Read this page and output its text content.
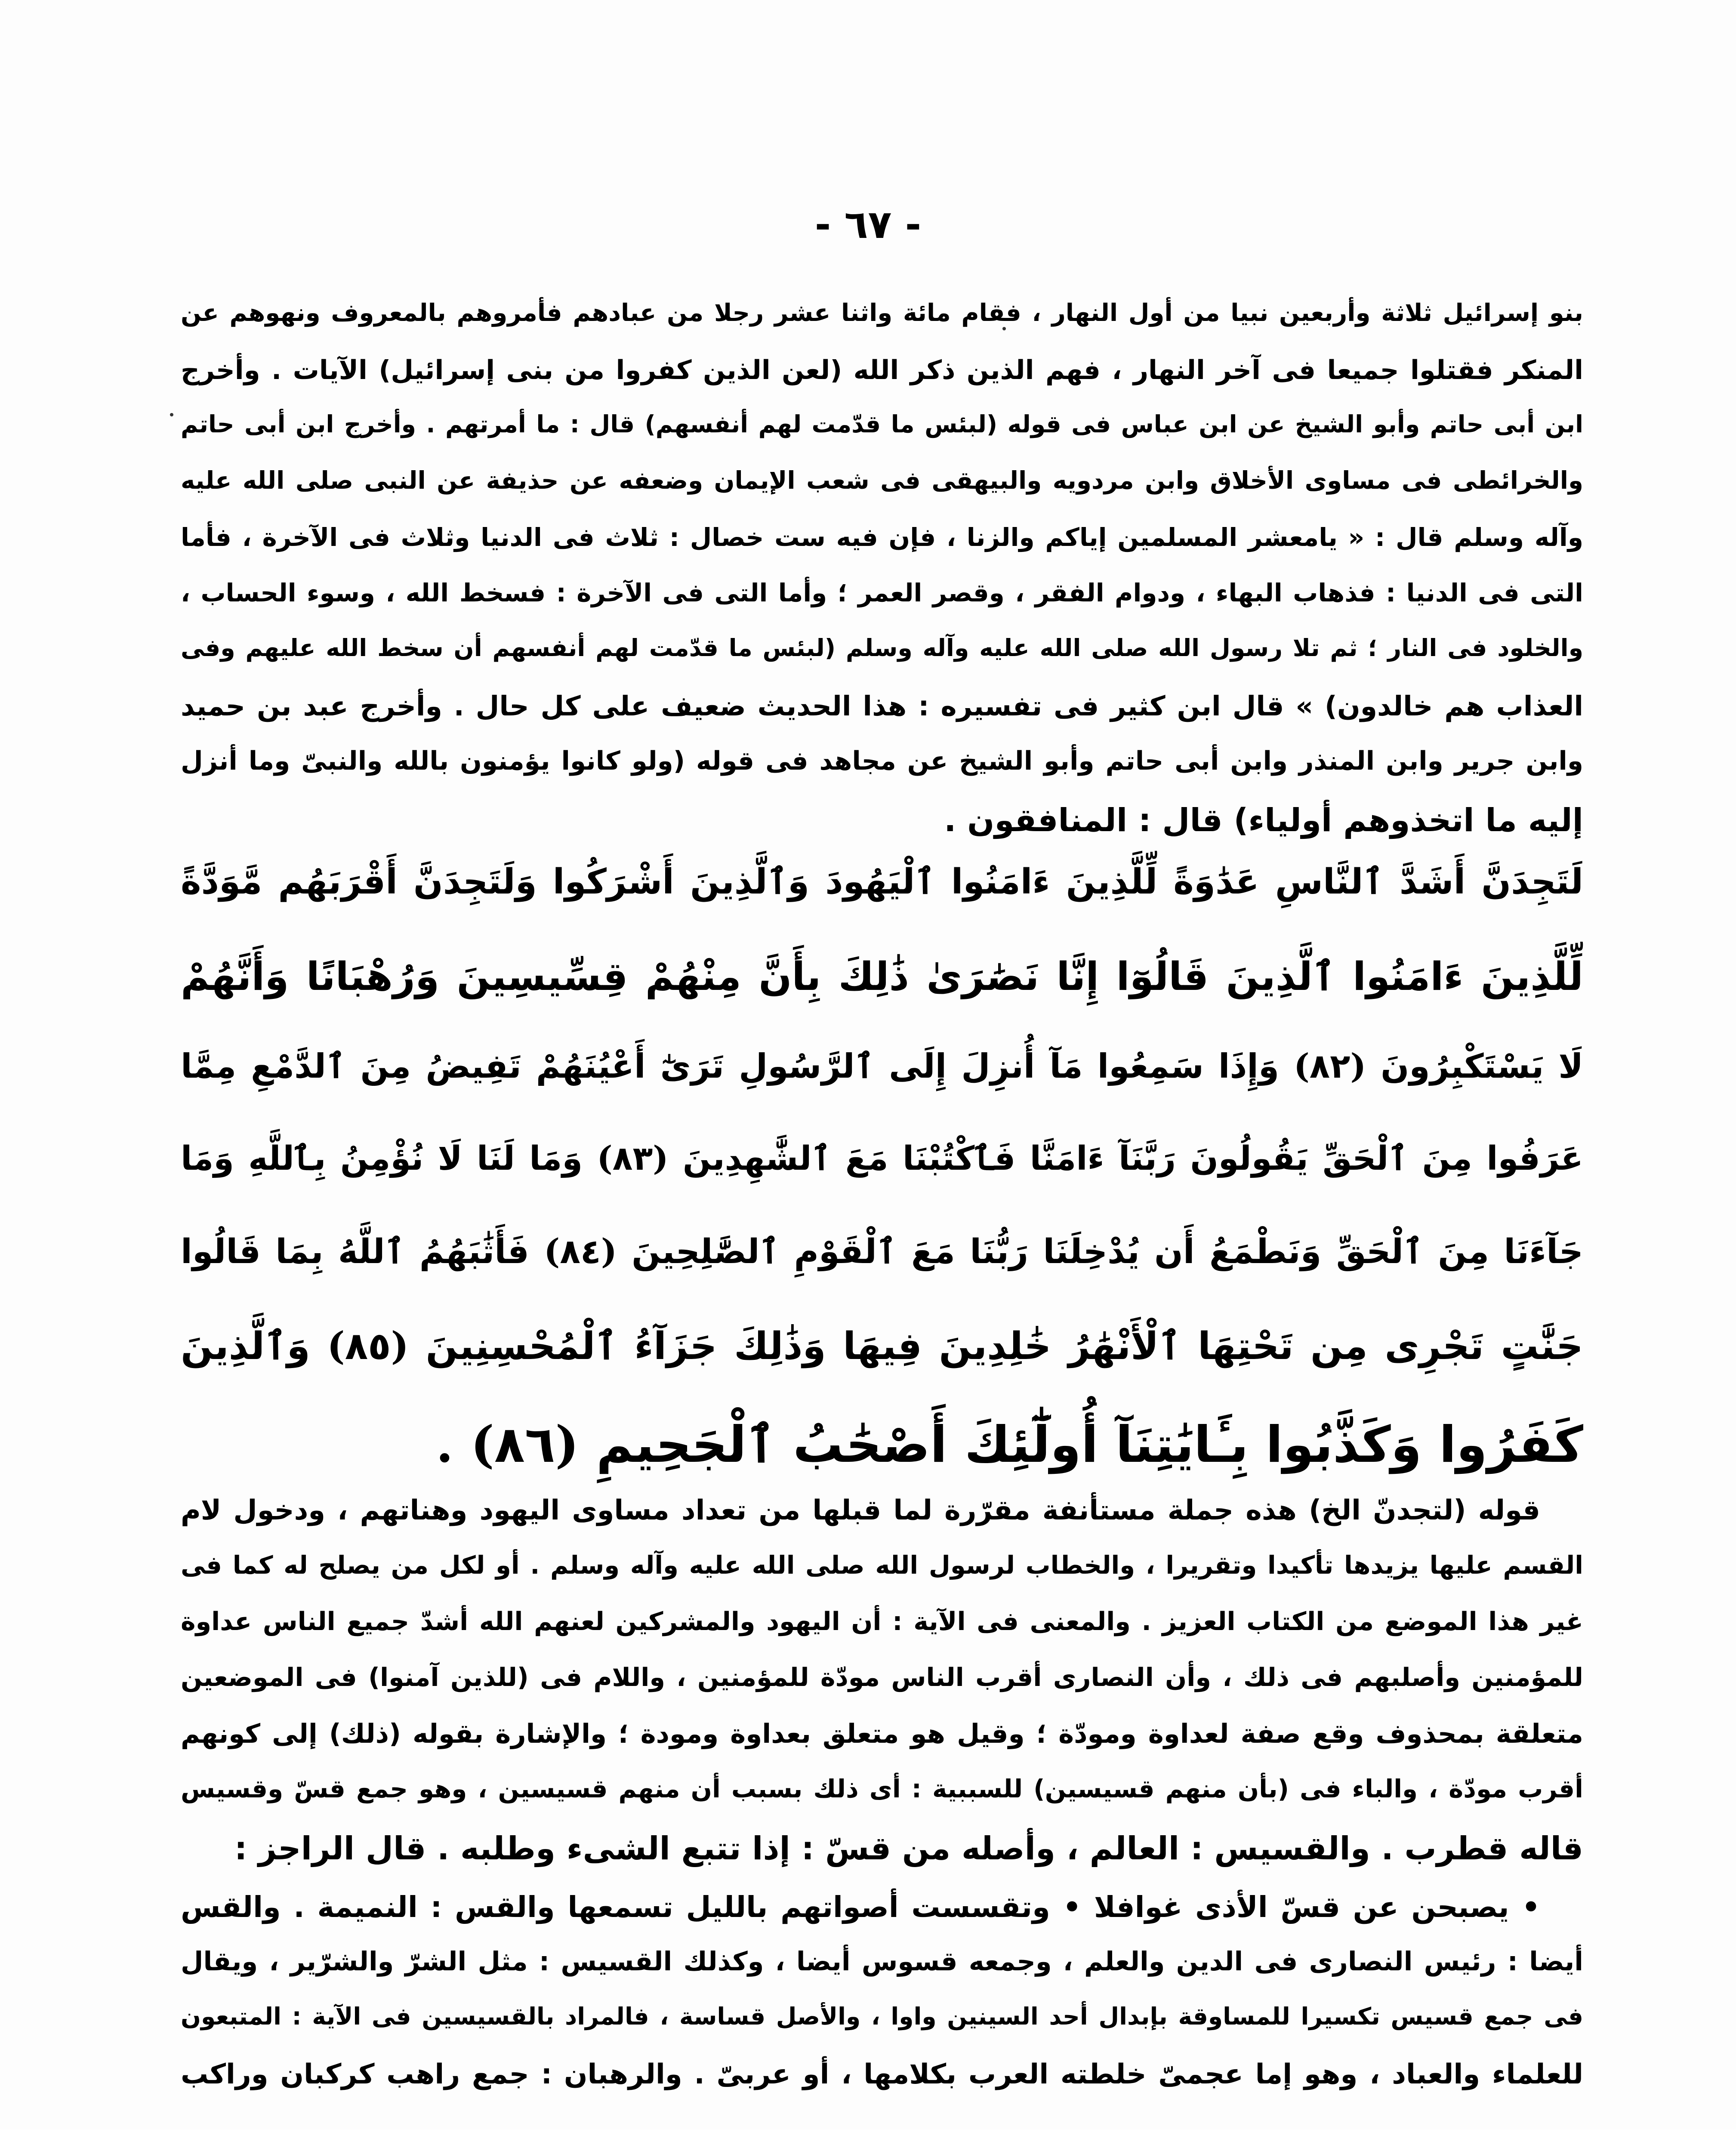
- ٦٧ -
بنو إسرائيل ثلاثة وأربعين نبيا من أول النهار ، فقام مائة واثنا عشر رجلا من عبادهم فأمروهم بالمعروف ونهوهم عن
المنكر فقتلوا جميعا فى آخر النهار ، فهم الذين ذكر الله (لعن الذين كفروا من بنى إسرائيل) الآيات . وأخرج
ابن أبى حاتم وأبو الشيخ عن ابن عباس فى قوله (لبئس ما قدّمت لهم أنفسهم) قال : ما أمرتهم . وأخرج ابن أبى حاتم
والخرائطى فى مساوى الأخلاق وابن مردويه والبيهقى فى شعب الإيمان وضعفه عن حذيفة عن النبى صلى الله عليه
وآله وسلم قال : « يامعشر المسلمين إياكم والزنا ، فإن فيه ست خصال : ثلاث فى الدنيا وثلاث فى الآخرة ، فأما
التى فى الدنيا : فذهاب البهاء ، ودوام الفقر ، وقصر العمر ؛ وأما التى فى الآخرة : فسخط الله ، وسوء الحساب ،
والخلود فى النار ؛ ثم تلا رسول الله صلى الله عليه وآله وسلم (لبئس ما قدّمت لهم أنفسهم أن سخط الله عليهم وفى
العذاب هم خالدون) » قال ابن كثير فى تفسيره : هذا الحديث ضعيف على كل حال . وأخرج عبد بن حميد
وابن جرير وابن المنذر وابن أبى حاتم وأبو الشيخ عن مجاهد فى قوله (ولو كانوا يؤمنون بالله والنبىّ وما أنزل
إليه ما اتخذوهم أولياء) قال : المنافقون .
لَتَجِدَنَّ أَشَدَّ ٱلنَّاسِ عَدَٰوَةً لِّلَّذِينَ ءَامَنُوا ٱلْيَهُودَ وَٱلَّذِينَ أَشْرَكُوا وَلَتَجِدَنَّ أَقْرَبَهُم مَّوَدَّةً
لِّلَّذِينَ ءَامَنُوا ٱلَّذِينَ قَالُوٓا إِنَّا نَصَٰرَىٰ ذَٰلِكَ بِأَنَّ مِنْهُمْ قِسِّيسِينَ وَرُهْبَانًا وَأَنَّهُمْ
لَا يَسْتَكْبِرُونَ (٨٢) وَإِذَا سَمِعُوا مَآ أُنزِلَ إِلَى ٱلرَّسُولِ تَرَىٰٓ أَعْيُنَهُمْ تَفِيضُ مِنَ ٱلدَّمْعِ مِمَّا
عَرَفُوا مِنَ ٱلْحَقِّ يَقُولُونَ رَبَّنَآ ءَامَنَّا فَٱكْتُبْنَا مَعَ ٱلشَّٰهِدِينَ (٨٣) وَمَا لَنَا لَا نُؤْمِنُ بِٱللَّهِ وَمَا
جَآءَنَا مِنَ ٱلْحَقِّ وَنَطْمَعُ أَن يُدْخِلَنَا رَبُّنَا مَعَ ٱلْقَوْمِ ٱلصَّٰلِحِينَ (٨٤) فَأَثَٰبَهُمُ ٱللَّهُ بِمَا قَالُوا
جَنَّٰتٍ تَجْرِى مِن تَحْتِهَا ٱلْأَنْهَٰرُ خَٰلِدِينَ فِيهَا وَذَٰلِكَ جَزَآءُ ٱلْمُحْسِنِينَ (٨٥) وَٱلَّذِينَ
كَفَرُوا وَكَذَّبُوا بِـَٔايَٰتِنَآ أُولَٰٓئِكَ أَصْحَٰبُ ٱلْجَحِيمِ (٨٦) .
قوله (لتجدنّ الخ) هذه جملة مستأنفة مقرّرة لما قبلها من تعداد مساوى اليهود وهناتهم ، ودخول لام
القسم عليها يزيدها تأكيدا وتقريرا ، والخطاب لرسول الله صلى الله عليه وآله وسلم . أو لكل من يصلح له كما فى
غير هذا الموضع من الكتاب العزيز . والمعنى فى الآية : أن اليهود والمشركين لعنهم الله أشدّ جميع الناس عداوة
للمؤمنين وأصلبهم فى ذلك ، وأن النصارى أقرب الناس مودّة للمؤمنين ، واللام فى (للذين آمنوا) فى الموضعين
متعلقة بمحذوف وقع صفة لعداوة ومودّة ؛ وقيل هو متعلق بعداوة ومودة ؛ والإشارة بقوله (ذلك) إلى كونهم
أقرب مودّة ، والباء فى (بأن منهم قسيسين) للسببية : أى ذلك بسبب أن منهم قسيسين ، وهو جمع قسّ وقسيس
قاله قطرب . والقسيس : العالم ، وأصله من قسّ : إذا تتبع الشىء وطلبه . قال الراجز :
• يصبحن عن قسّ الأذى غوافلا • وتقسست أصواتهم بالليل تسمعها والقس : النميمة . والقس
أيضا : رئيس النصارى فى الدين والعلم ، وجمعه قسوس أيضا ، وكذلك القسيس : مثل الشرّ والشرّير ، ويقال
فى جمع قسيس تكسيرا للمساوقة بإبدال أحد السينين واوا ، والأصل قساسة ، فالمراد بالقسيسين فى الآية : المتبعون
للعلماء والعباد ، وهو إما عجمىّ خلطته العرب بكلامها ، أو عربىّ . والرهبان : جمع راهب كركبان وراكب
